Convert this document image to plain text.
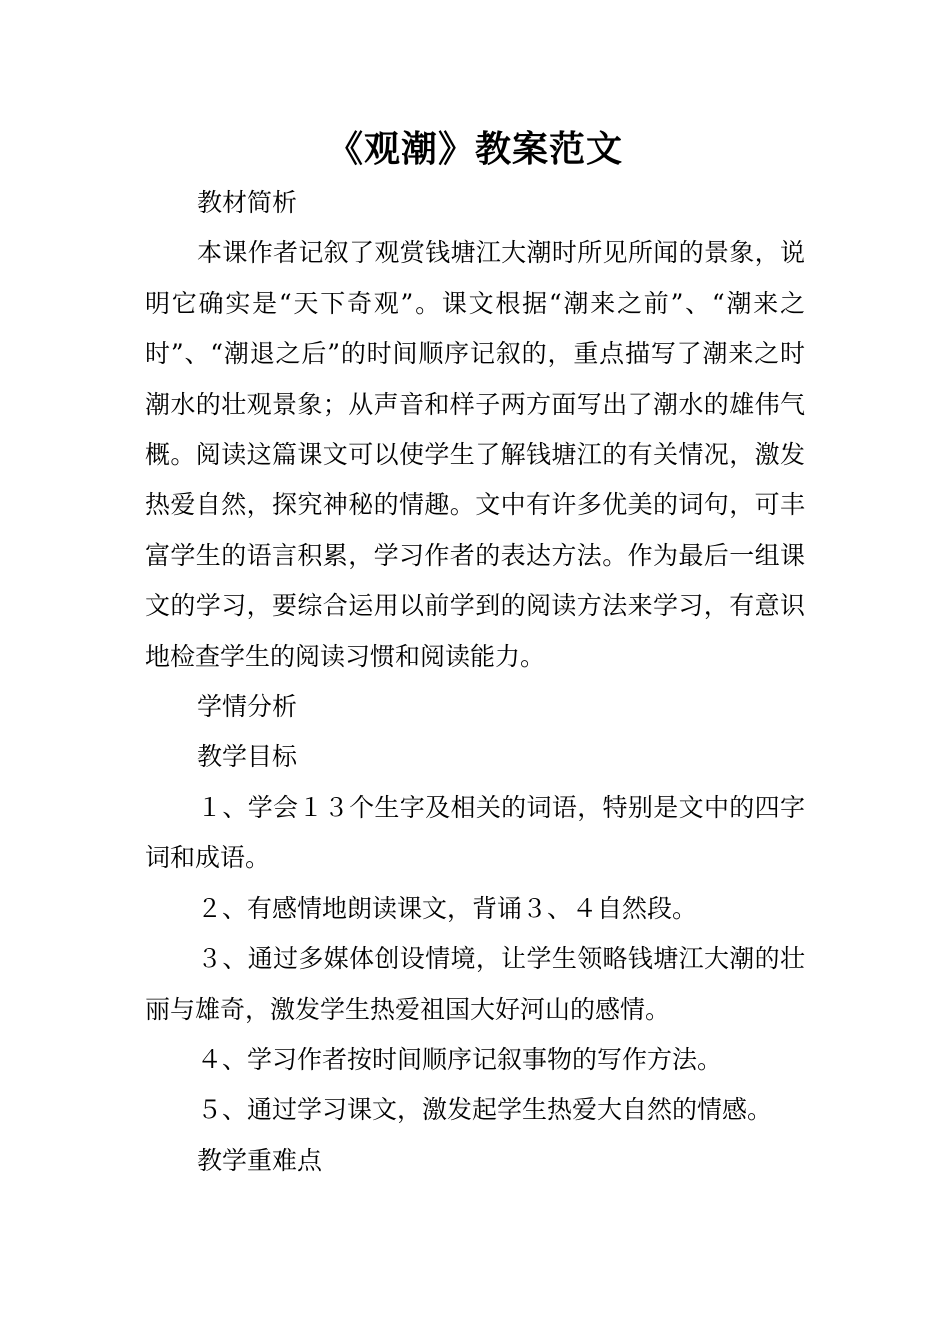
《观潮》教案范文

教材简析

本课作者记叙了观赏钱塘江大潮时所见所闻的景象，说明它确实是“天下奇观”。课文根据“潮来之前”、“潮来之时”、“潮退之后”的时间顺序记叙的，重点描写了潮来之时潮水的壮观景象；从声音和样子两方面写出了潮水的雄伟气概。阅读这篇课文可以使学生了解钱塘江的有关情况，激发热爱自然，探究神秘的情趣。文中有许多优美的词句，可丰富学生的语言积累，学习作者的表达方法。作为最后一组课文的学习，要综合运用以前学到的阅读方法来学习，有意识地检查学生的阅读习惯和阅读能力。

学情分析

教学目标

１、学会１３个生字及相关的词语，特别是文中的四字词和成语。

２、有感情地朗读课文，背诵３、４自然段。

３、通过多媒体创设情境，让学生领略钱塘江大潮的壮丽与雄奇，激发学生热爱祖国大好河山的感情。

４、学习作者按时间顺序记叙事物的写作方法。

５、通过学习课文，激发起学生热爱大自然的情感。

教学重难点
